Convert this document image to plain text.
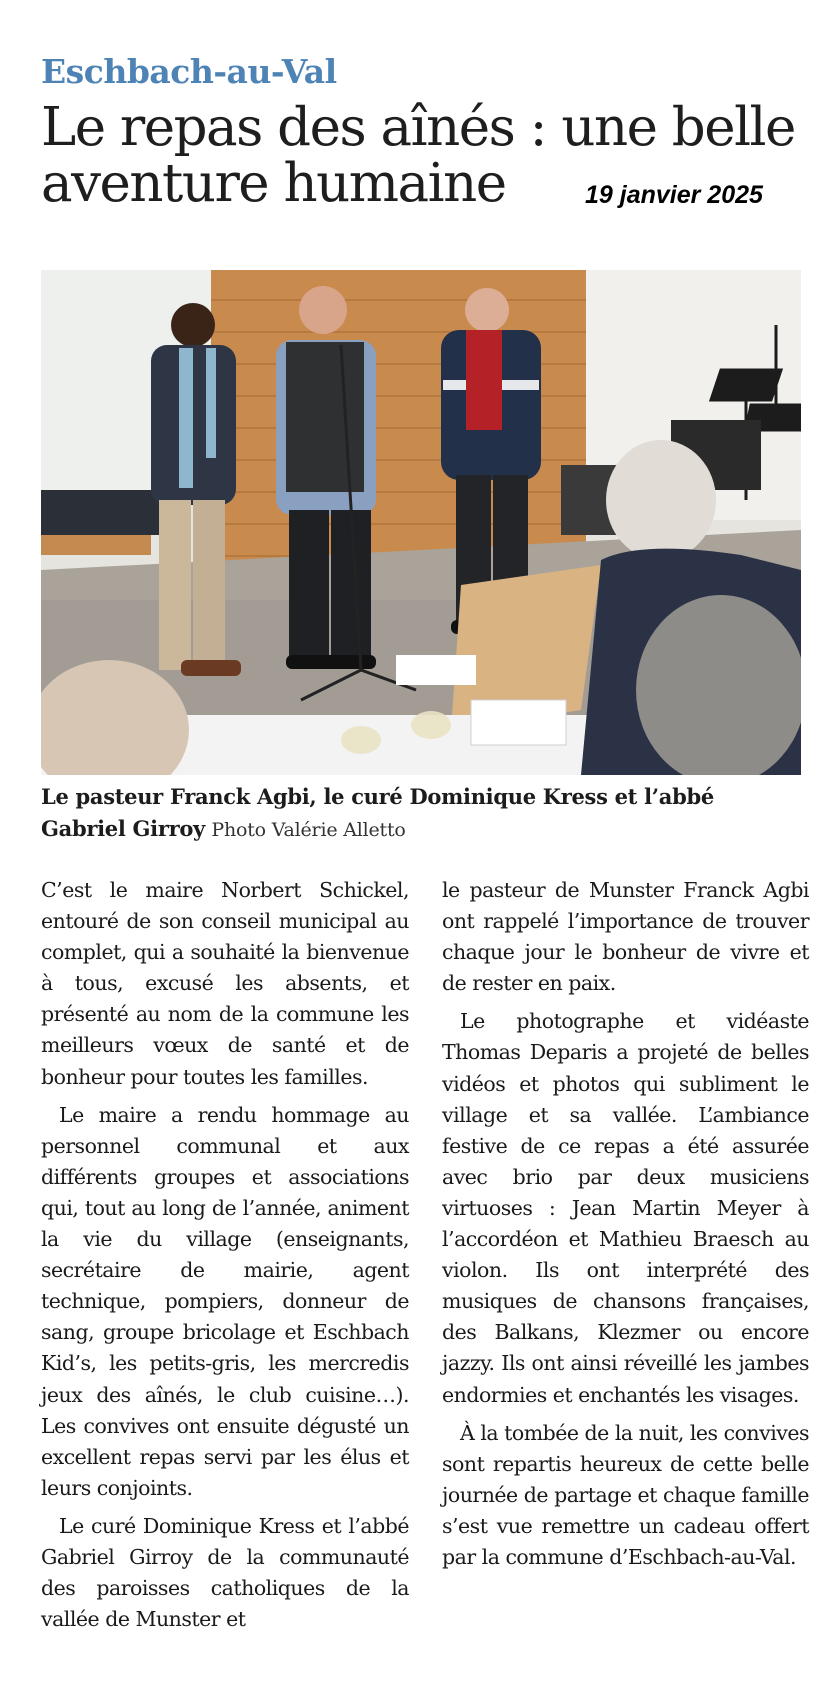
Eschbach-au-Val
Le repas des aînés : une belle aventure humaine	19 janvier 2025
Le pasteur Franck Agbi, le curé Dominique Kress et l’abbé Gabriel Girroy Photo Valérie Alletto

C’est le maire Norbert Schickel, entouré de son conseil municipal au complet, qui a souhaité la bienvenue à tous, excusé les absents, et présenté au nom de la commune les meilleurs vœux de santé et de bonheur pour toutes les familles.

Le maire a rendu hommage au personnel communal et aux différents groupes et associations qui, tout au long de l’année, animent la vie du village (enseignants, secrétaire de mairie, agent technique, pompiers, donneur de sang, groupe bricolage et Eschbach Kid’s, les petits-gris, les mercredis jeux des aînés, le club cuisine…). Les convives ont ensuite dégusté un excellent repas servi par les élus et leurs conjoints.

Le curé Dominique Kress et l’abbé Gabriel Girroy de la communauté des paroisses catholiques de la vallée de Munster et

le pasteur de Munster Franck Agbi ont rappelé l’importance de trouver chaque jour le bonheur de vivre et de rester en paix.

Le photographe et vidéaste Thomas Deparis a projeté de belles vidéos et photos qui subliment le village et sa vallée. L’ambiance festive de ce repas a été assurée avec brio par deux musiciens virtuoses : Jean Martin Meyer à l’accordéon et Mathieu Braesch au violon. Ils ont interprété des musiques de chansons françaises, des Balkans, Klezmer ou encore jazzy. Ils ont ainsi réveillé les jambes endormies et enchantés les visages.

À la tombée de la nuit, les convives sont repartis heureux de cette belle journée de partage et chaque famille s’est vue remettre un cadeau offert par la commune d’Eschbach-au-Val.
